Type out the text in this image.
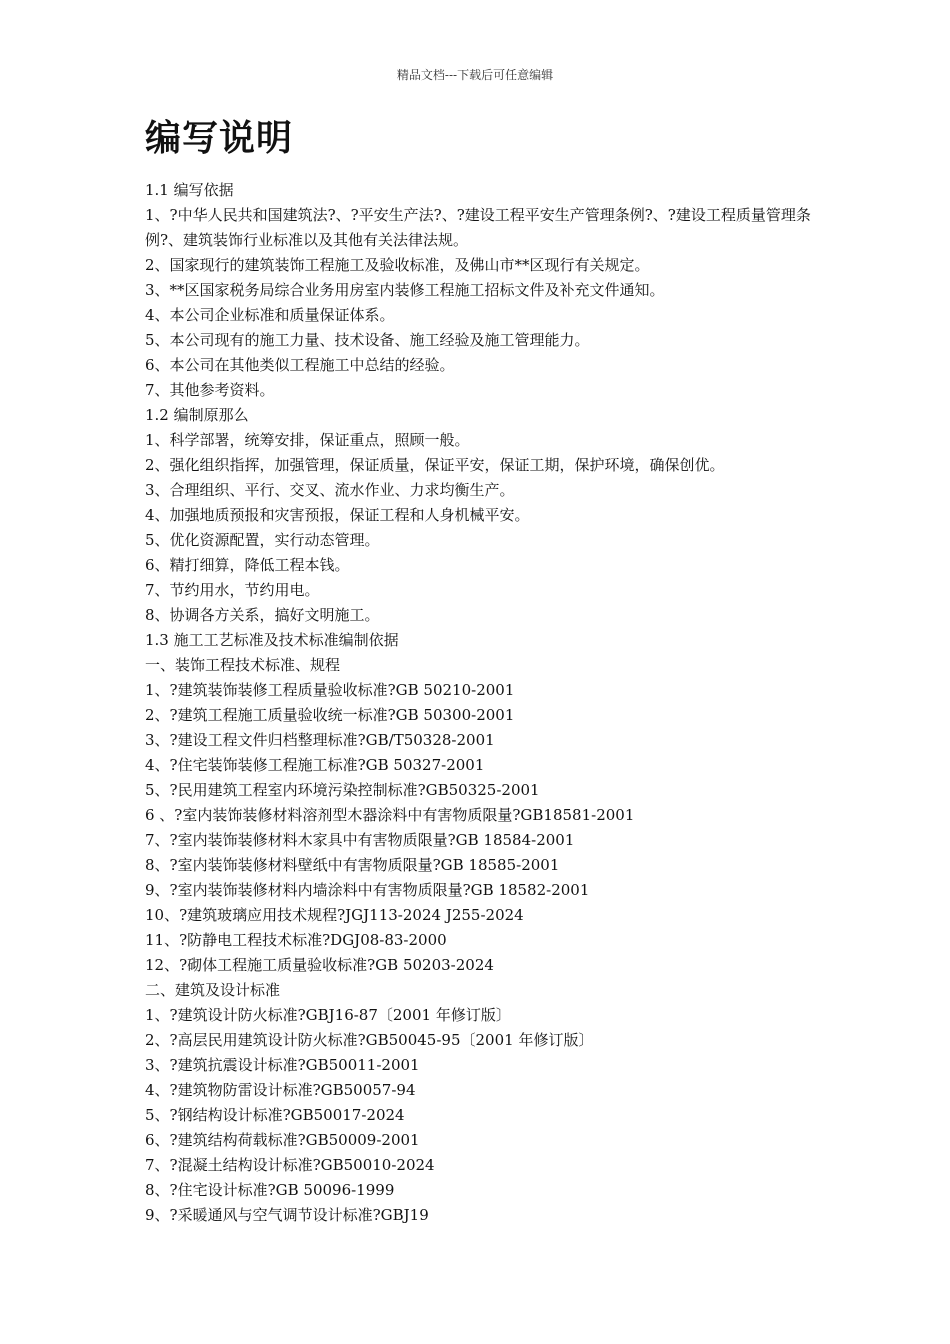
精品文档---下载后可任意编辑
编写说明
1.1 编写依据
1、?中华人民共和国建筑法?、?平安生产法?、?建设工程平安生产管理条例?、?建设工程质量管理条例?、建筑装饰行业标准以及其他有关法律法规。
2、国家现行的建筑装饰工程施工及验收标准，及佛山市**区现行有关规定。
3、**区国家税务局综合业务用房室内装修工程施工招标文件及补充文件通知。
4、本公司企业标准和质量保证体系。
5、本公司现有的施工力量、技术设备、施工经验及施工管理能力。
6、本公司在其他类似工程施工中总结的经验。
7、其他参考资料。
1.2 编制原那么
1、科学部署，统筹安排，保证重点，照顾一般。
2、强化组织指挥，加强管理，保证质量，保证平安，保证工期，保护环境，确保创优。
3、合理组织、平行、交叉、流水作业、力求均衡生产。
4、加强地质预报和灾害预报，保证工程和人身机械平安。
5、优化资源配置，实行动态管理。
6、精打细算，降低工程本钱。
7、节约用水，节约用电。
8、协调各方关系，搞好文明施工。
1.3 施工工艺标准及技术标准编制依据
一、装饰工程技术标准、规程
1、?建筑装饰装修工程质量验收标准?GB 50210-2001
2、?建筑工程施工质量验收统一标准?GB 50300-2001
3、?建设工程文件归档整理标准?GB/T50328-2001
4、?住宅装饰装修工程施工标准?GB 50327-2001
5、?民用建筑工程室内环境污染控制标准?GB50325-2001
6 、?室内装饰装修材料溶剂型木器涂料中有害物质限量?GB18581-2001
7、?室内装饰装修材料木家具中有害物质限量?GB 18584-2001
8、?室内装饰装修材料壁纸中有害物质限量?GB 18585-2001
9、?室内装饰装修材料内墙涂料中有害物质限量?GB 18582-2001
10、?建筑玻璃应用技术规程?JGJ113-2024 J255-2024
11、?防静电工程技术标准?DGJ08-83-2000
12、?砌体工程施工质量验收标准?GB 50203-2024
二、建筑及设计标准
1、?建筑设计防火标准?GBJ16-87〔2001 年修订版〕
2、?高层民用建筑设计防火标准?GB50045-95〔2001 年修订版〕
3、?建筑抗震设计标准?GB50011-2001
4、?建筑物防雷设计标准?GB50057-94
5、?钢结构设计标准?GB50017-2024
6、?建筑结构荷载标准?GB50009-2001
7、?混凝土结构设计标准?GB50010-2024
8、?住宅设计标准?GB 50096-1999
9、?采暖通风与空气调节设计标准?GBJ19
